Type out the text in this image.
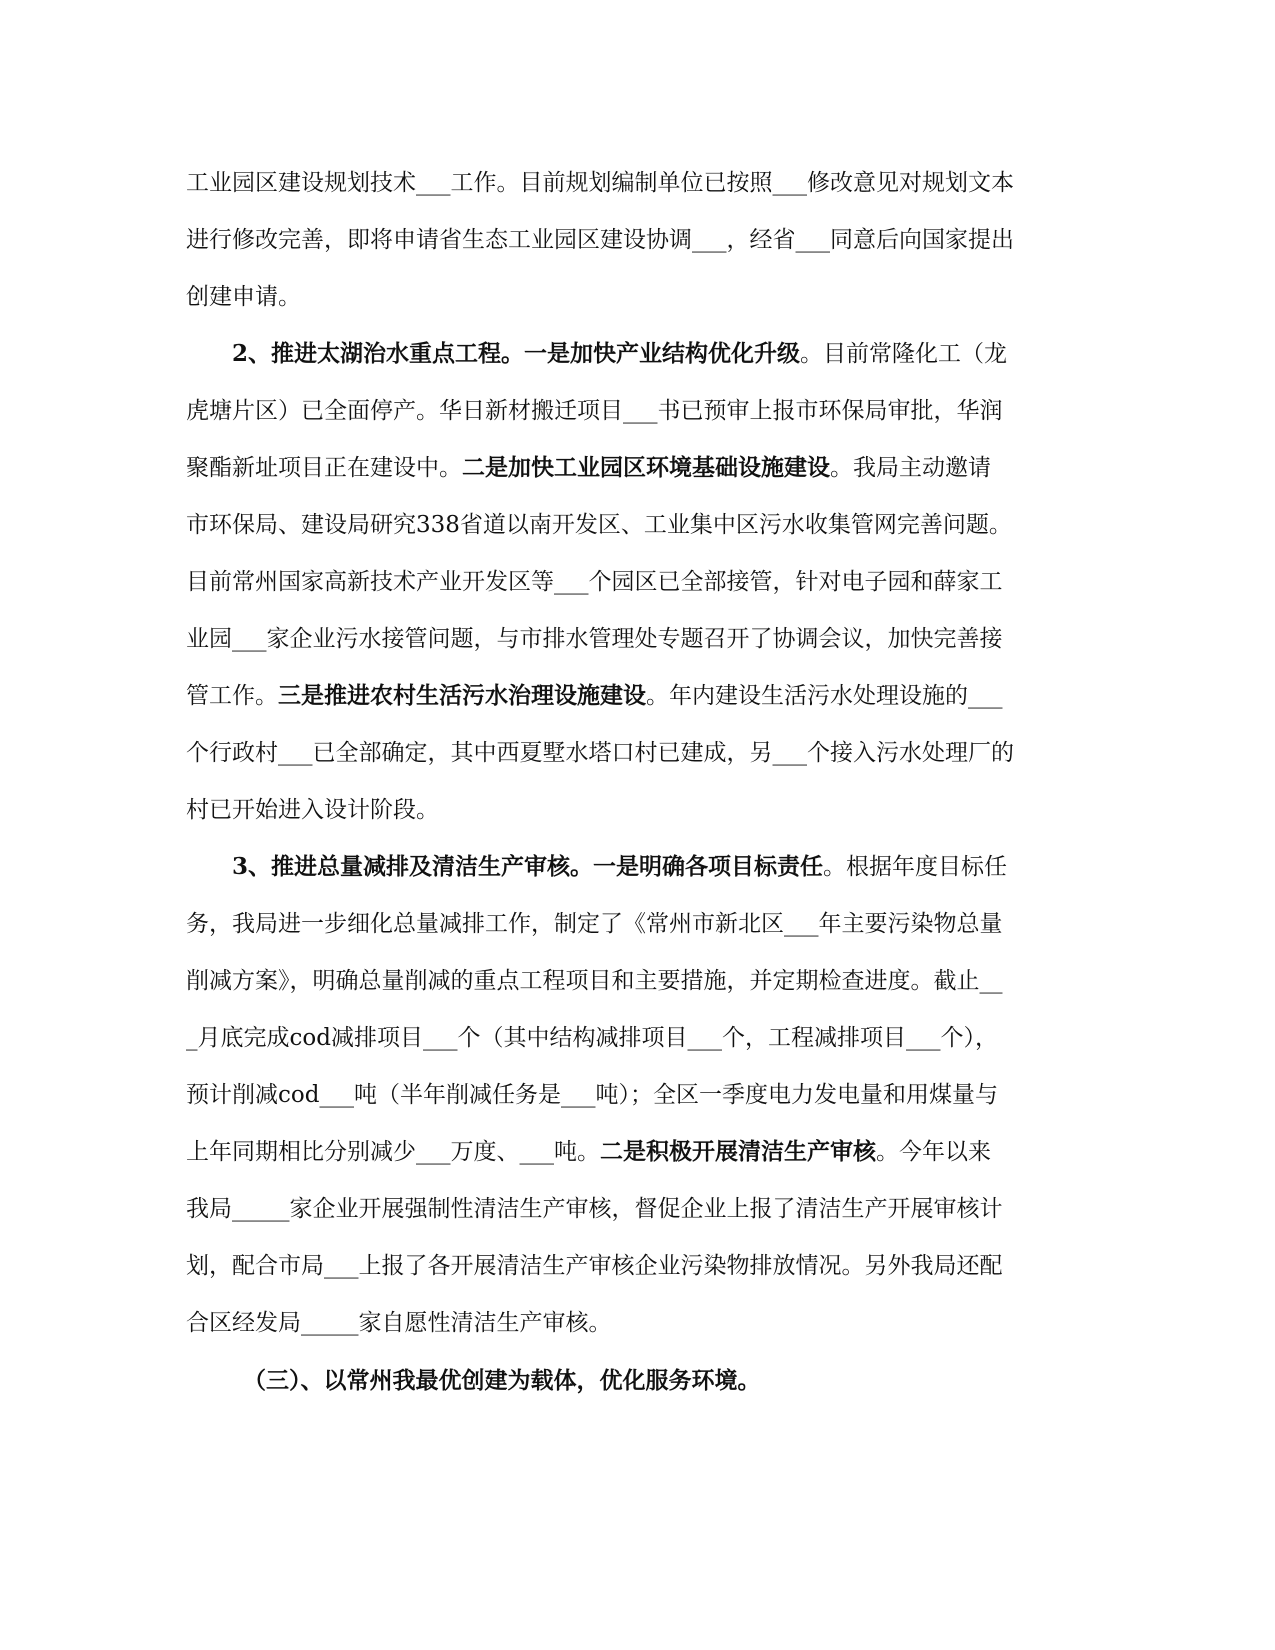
工业园区建设规划技术___工作。目前规划编制单位已按照___修改意见对规划文本
进行修改完善，即将申请省生态工业园区建设协调___，经省___同意后向国家提出
创建申请。
2、推进太湖治水重点工程。一是加快产业结构优化升级。目前常隆化工（龙
虎塘片区）已全面停产。华日新材搬迁项目___书已预审上报市环保局审批，华润
聚酯新址项目正在建设中。二是加快工业园区环境基础设施建设。我局主动邀请
市环保局、建设局研究338省道以南开发区、工业集中区污水收集管网完善问题。
目前常州国家高新技术产业开发区等___个园区已全部接管，针对电子园和薛家工
业园___家企业污水接管问题，与市排水管理处专题召开了协调会议，加快完善接
管工作。三是推进农村生活污水治理设施建设。年内建设生活污水处理设施的___
个行政村___已全部确定，其中西夏墅水塔口村已建成，另___个接入污水处理厂的
村已开始进入设计阶段。
3、推进总量减排及清洁生产审核。一是明确各项目标责任。根据年度目标任
务，我局进一步细化总量减排工作，制定了《常州市新北区___年主要污染物总量
削减方案》，明确总量削减的重点工程项目和主要措施，并定期检查进度。截止__
_月底完成cod减排项目___个（其中结构减排项目___个，工程减排项目___个），
预计削减cod___吨（半年削减任务是___吨）；全区一季度电力发电量和用煤量与
上年同期相比分别减少___万度、___吨。二是积极开展清洁生产审核。今年以来
我局_____家企业开展强制性清洁生产审核，督促企业上报了清洁生产开展审核计
划，配合市局___上报了各开展清洁生产审核企业污染物排放情况。另外我局还配
合区经发局_____家自愿性清洁生产审核。
（三）、以常州我最优创建为载体，优化服务环境。
